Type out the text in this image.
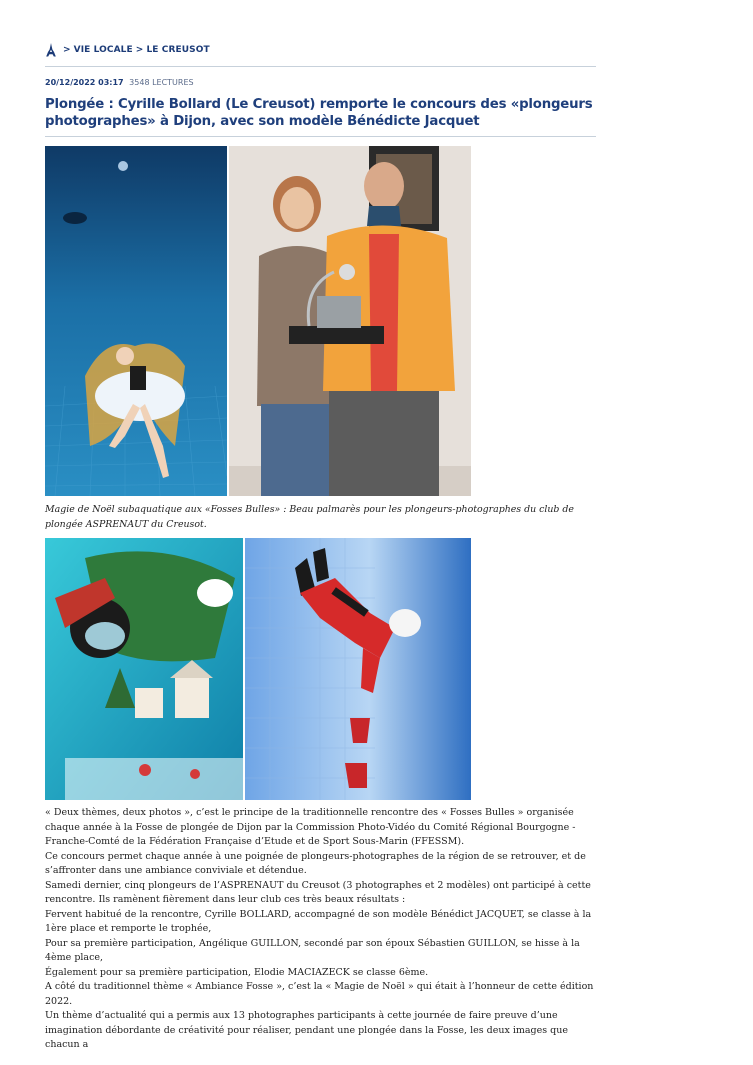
> VIE LOCALE > LE CREUSOT
20/12/2022 03:17 3548 LECTURES
Plongée : Cyrille Bollard (Le Creusot) remporte le concours des «plongeurs photographes» à Dijon, avec son modèle Bénédicte Jacquet

Magie de Noël subaquatique aux «Fosses Bulles» : Beau palmarès pour les plongeurs-photographes du club de plongée ASPRENAUT du Creusot.

« Deux thèmes, deux photos », c’est le principe de la traditionnelle rencontre des « Fosses Bulles » organisée chaque année à la Fosse de plongée de Dijon par la Commission Photo-Vidéo du Comité Régional Bourgogne - Franche-Comté de la Fédération Française d’Etude et de Sport Sous-Marin (FFESSM).

Ce concours permet chaque année à une poignée de plongeurs-photographes de la région de se retrouver, et de s’affronter dans une ambiance conviviale et détendue.

Samedi dernier, cinq plongeurs de l’ASPRENAUT du Creusot (3 photographes et 2 modèles) ont participé à cette rencontre. Ils ramènent fièrement dans leur club ces très beaux résultats :

Fervent habitué de la rencontre, Cyrille BOLLARD, accompagné de son modèle Bénédict JACQUET, se classe à la 1ère place et remporte le trophée,

Pour sa première participation, Angélique GUILLON, secondé par son époux Sébastien GUILLON, se hisse à la 4ème place,

Également pour sa première participation, Elodie MACIAZECK se classe 6ème.

A côté du traditionnel thème « Ambiance Fosse », c’est la « Magie de Noël » qui était à l’honneur de cette édition 2022.

Un thème d’actualité qui a permis aux 13 photographes participants à cette journée de faire preuve d’une imagination débordante de créativité pour réaliser, pendant une plongée dans la Fosse, les deux images que chacun a
